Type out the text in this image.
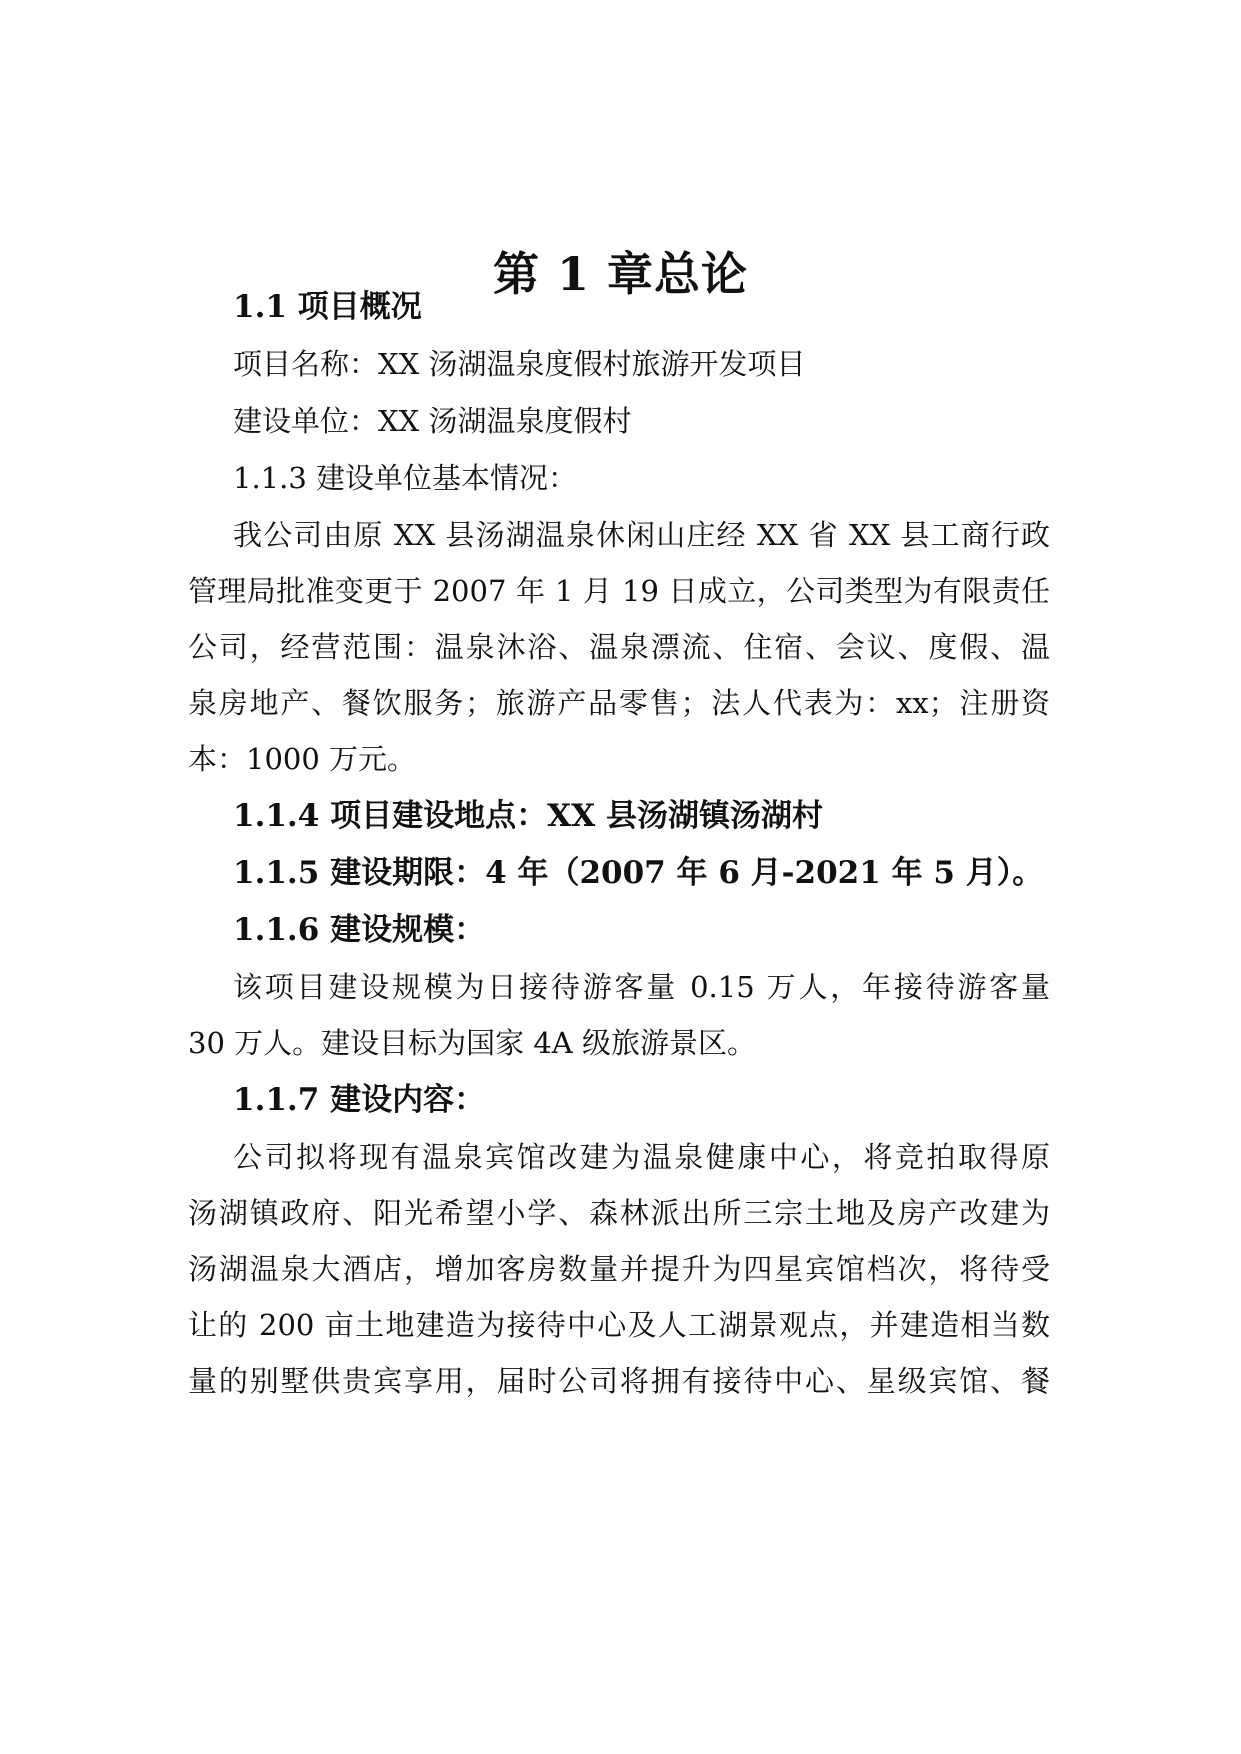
第 1 章总论
1.1 项目概况
项目名称：XX 汤湖温泉度假村旅游开发项目
建设单位：XX 汤湖温泉度假村
1.1.3 建设单位基本情况：
我公司由原 XX 县汤湖温泉休闲山庄经 XX 省 XX 县工商行政
管理局批准变更于 2007 年 1 月 19 日成立，公司类型为有限责任
公司，经营范围：温泉沐浴、温泉漂流、住宿、会议、度假、温
泉房地产、餐饮服务；旅游产品零售；法人代表为：xx；注册资
本：1000 万元。
1.1.4 项目建设地点：XX 县汤湖镇汤湖村
1.1.5 建设期限：4 年（2007 年 6 月-2021 年 5 月）。
1.1.6 建设规模：
该项目建设规模为日接待游客量 0.15 万人，年接待游客量
30 万人。建设目标为国家 4A 级旅游景区。
1.1.7 建设内容：
公司拟将现有温泉宾馆改建为温泉健康中心，将竞拍取得原
汤湖镇政府、阳光希望小学、森林派出所三宗土地及房产改建为
汤湖温泉大酒店，增加客房数量并提升为四星宾馆档次，将待受
让的 200 亩土地建造为接待中心及人工湖景观点，并建造相当数
量的别墅供贵宾享用，届时公司将拥有接待中心、星级宾馆、餐
